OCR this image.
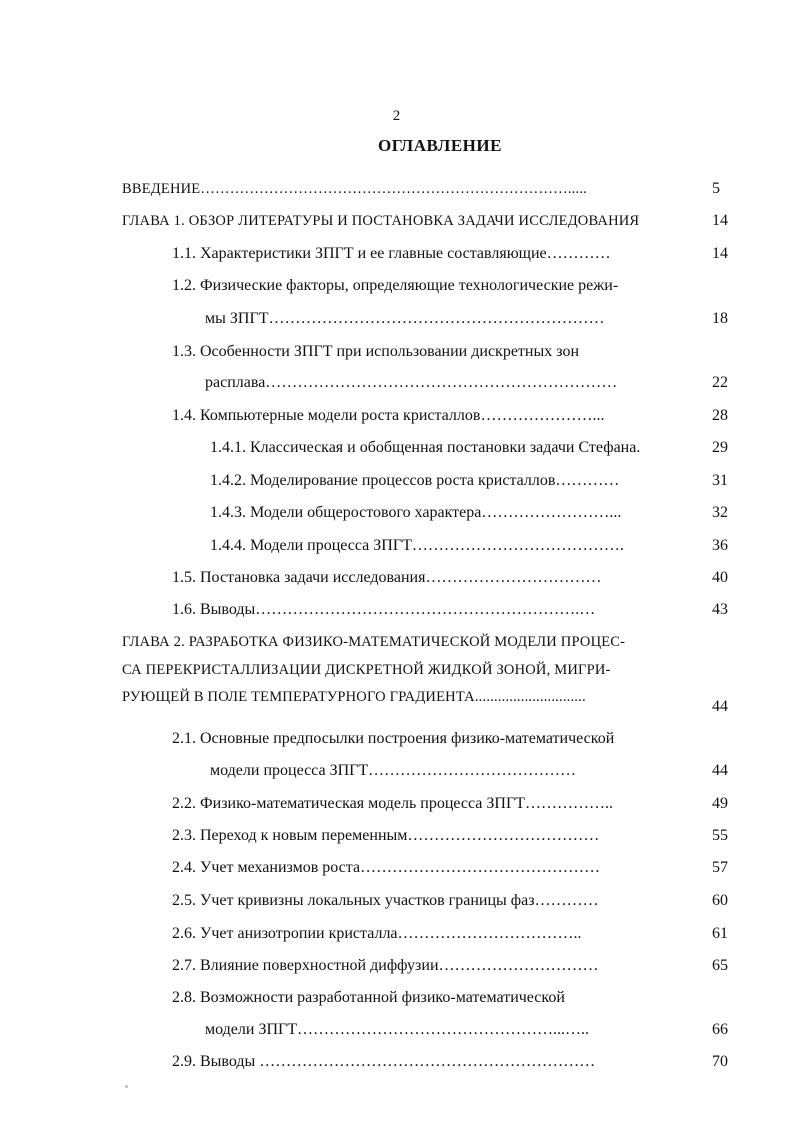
2
ОГЛАВЛЕНИЕ
ВВЕДЕНИЕ………………………………………………………………….....	5
ГЛАВА 1. ОБЗОР ЛИТЕРАТУРЫ И ПОСТАНОВКА ЗАДАЧИ ИССЛЕДОВАНИЯ	14
1.1. Характеристики ЗПГТ и ее главные составляющие…………	14
1.2. Физические факторы, определяющие технологические режи-
мы ЗПГТ………………………………………………………	18
1.3. Особенности ЗПГТ при использовании дискретных зон
расплава…………………………………………………………	22
1.4. Компьютерные модели роста кристаллов…………………...	28
1.4.1. Классическая и обобщенная постановки задачи Стефана.	29
1.4.2. Моделирование процессов роста кристаллов…………	31
1.4.3. Модели общеростового характера……………………...	32
1.4.4. Модели процесса ЗПГТ………………………………….	36
1.5. Постановка задачи исследования……………………………	40
1.6. Выводы…………………………………………………….…	43
ГЛАВА 2. РАЗРАБОТКА ФИЗИКО-МАТЕМАТИЧЕСКОЙ МОДЕЛИ ПРОЦЕС-
СА ПЕРЕКРИСТАЛЛИЗАЦИИ ДИСКРЕТНОЙ ЖИДКОЙ ЗОНОЙ, МИГРИ-
РУЮЩЕЙ В ПОЛЕ ТЕМПЕРАТУРНОГО ГРАДИЕНТА.............................
44
2.1. Основные предпосылки построения физико-математической
модели процесса ЗПГТ…………………………………	44
2.2. Физико-математическая модель процесса ЗПГТ……………..	49
2.3. Переход к новым переменным………………………………	55
2.4. Учет механизмов роста………………………………………	57
2.5. Учет кривизны локальных участков границы фаз…………	60
2.6. Учет анизотропии кристалла……………………………..	61
2.7. Влияние поверхностной диффузии…………………………	65
2.8. Возможности разработанной физико-математической
модели ЗПГТ…………………………………………...…..	66
2.9. Выводы ………………………………………………………	70
